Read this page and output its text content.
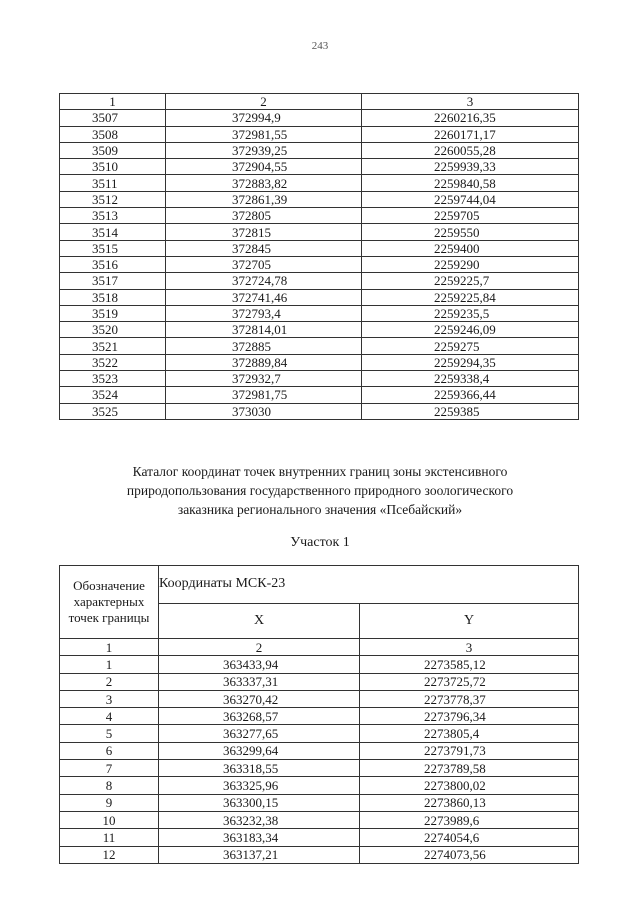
243
1	2	3
3507	372994,9	2260216,35
3508	372981,55	2260171,17
3509	372939,25	2260055,28
3510	372904,55	2259939,33
3511	372883,82	2259840,58
3512	372861,39	2259744,04
3513	372805	2259705
3514	372815	2259550
3515	372845	2259400
3516	372705	2259290
3517	372724,78	2259225,7
3518	372741,46	2259225,84
3519	372793,4	2259235,5
3520	372814,01	2259246,09
3521	372885	2259275
3522	372889,84	2259294,35
3523	372932,7	2259338,4
3524	372981,75	2259366,44
3525	373030	2259385
Каталог координат точек внутренних границ зоны экстенсивного
природопользования государственного природного зоологического
заказника регионального значения «Псебайский»
Участок 1
Обозначение характерных точек границы	Координаты МСК-23	
	X	Y
1	2	3
1	363433,94	2273585,12
2	363337,31	2273725,72
3	363270,42	2273778,37
4	363268,57	2273796,34
5	363277,65	2273805,4
6	363299,64	2273791,73
7	363318,55	2273789,58
8	363325,96	2273800,02
9	363300,15	2273860,13
10	363232,38	2273989,6
11	363183,34	2274054,6
12	363137,21	2274073,56
